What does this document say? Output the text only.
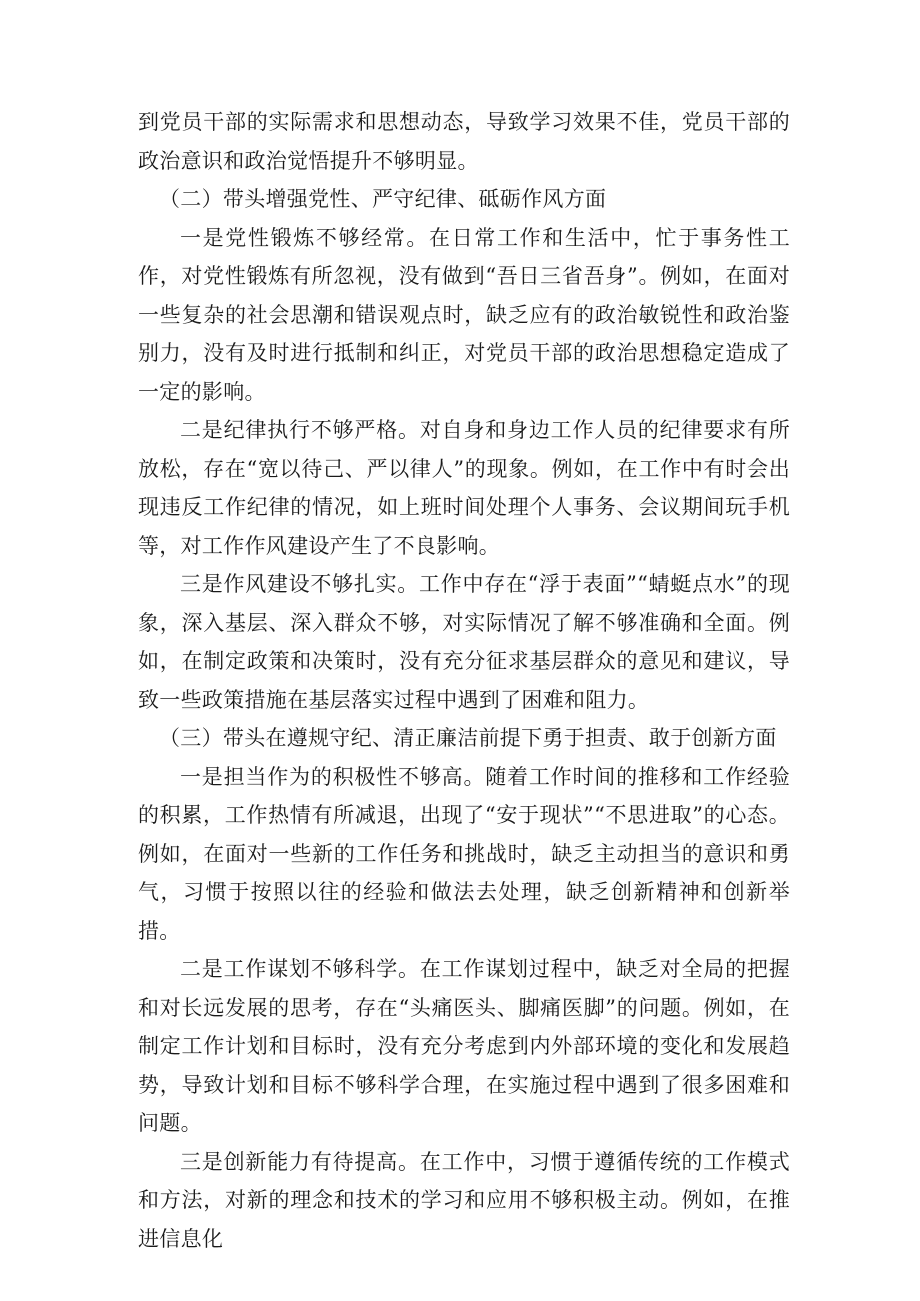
到党员干部的实际需求和思想动态，导致学习效果不佳，党员干部的政治意识和政治觉悟提升不够明显。

（二）带头增强党性、严守纪律、砥砺作风方面

一是党性锻炼不够经常。在日常工作和生活中，忙于事务性工作，对党性锻炼有所忽视，没有做到“吾日三省吾身”。例如，在面对一些复杂的社会思潮和错误观点时，缺乏应有的政治敏锐性和政治鉴别力，没有及时进行抵制和纠正，对党员干部的政治思想稳定造成了一定的影响。

二是纪律执行不够严格。对自身和身边工作人员的纪律要求有所放松，存在“宽以待己、严以律人”的现象。例如，在工作中有时会出现违反工作纪律的情况，如上班时间处理个人事务、会议期间玩手机等，对工作作风建设产生了不良影响。

三是作风建设不够扎实。工作中存在“浮于表面”“蜻蜓点水”的现象，深入基层、深入群众不够，对实际情况了解不够准确和全面。例如，在制定政策和决策时，没有充分征求基层群众的意见和建议，导致一些政策措施在基层落实过程中遇到了困难和阻力。

（三）带头在遵规守纪、清正廉洁前提下勇于担责、敢于创新方面

一是担当作为的积极性不够高。随着工作时间的推移和工作经验的积累，工作热情有所减退，出现了“安于现状”“不思进取”的心态。例如，在面对一些新的工作任务和挑战时，缺乏主动担当的意识和勇气，习惯于按照以往的经验和做法去处理，缺乏创新精神和创新举措。

二是工作谋划不够科学。在工作谋划过程中，缺乏对全局的把握和对长远发展的思考，存在“头痛医头、脚痛医脚”的问题。例如，在制定工作计划和目标时，没有充分考虑到内外部环境的变化和发展趋势，导致计划和目标不够科学合理，在实施过程中遇到了很多困难和问题。

三是创新能力有待提高。在工作中，习惯于遵循传统的工作模式和方法，对新的理念和技术的学习和应用不够积极主动。例如，在推进信息化
